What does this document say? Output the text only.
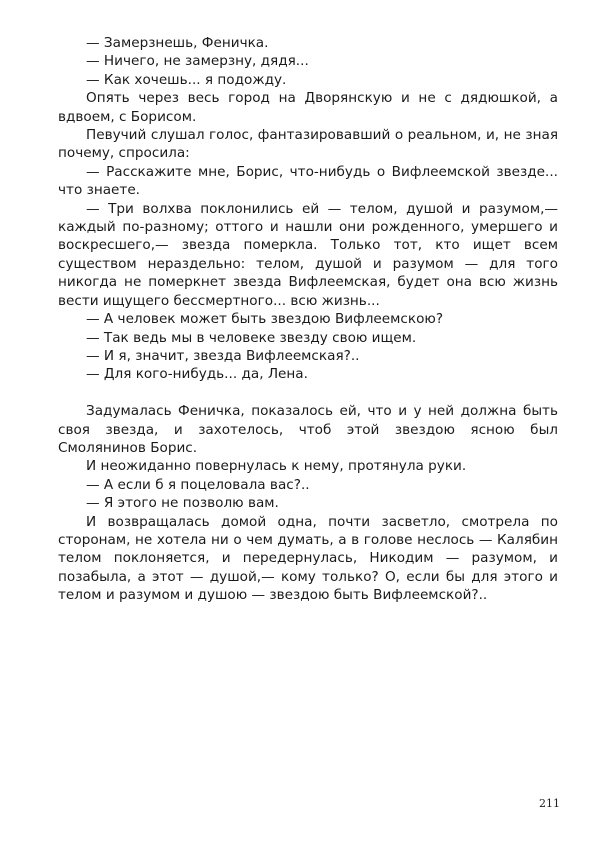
— Замерзнешь, Феничка.

— Ничего, не замерзну, дядя...

— Как хочешь... я подожду.

Опять через весь город на Дворянскую и не с дядюшкой, а вдвоем, с Борисом.

Певучий слушал голос, фантазировавший о реальном, и, не зная почему, спросила:

— Расскажите мне, Борис, что-нибудь о Вифлеемской звезде... что знаете.

— Три волхва поклонились ей — телом, душой и разумом,— каждый по-разному; оттого и нашли они рожденного, умершего и воскресшего,— звезда померкла. Только тот, кто ищет всем существом нераздельно: телом, душой и разумом — для того никогда не померкнет звезда Вифлеемская, будет она всю жизнь вести ищущего бессмертного... всю жизнь...

— А человек может быть звездою Вифлеемскою?

— Так ведь мы в человеке звезду свою ищем.

— И я, значит, звезда Вифлеемская?..

— Для кого-нибудь... да, Лена.

Задумалась Феничка, показалось ей, что и у ней должна быть своя звезда, и захотелось, чтоб этой звездою ясною был Смолянинов Борис.

И неожиданно повернулась к нему, протянула руки.

— А если б я поцеловала вас?..

— Я этого не позволю вам.

И возвращалась домой одна, почти засветло, смотрела по сторонам, не хотела ни о чем думать, а в голове неслось — Калябин телом поклоняется, и передернулась, Никодим — разумом, и позабыла, а этот — душой,— кому только? О, если бы для этого и телом и разумом и душою — звездою быть Вифлеемской?..

211
